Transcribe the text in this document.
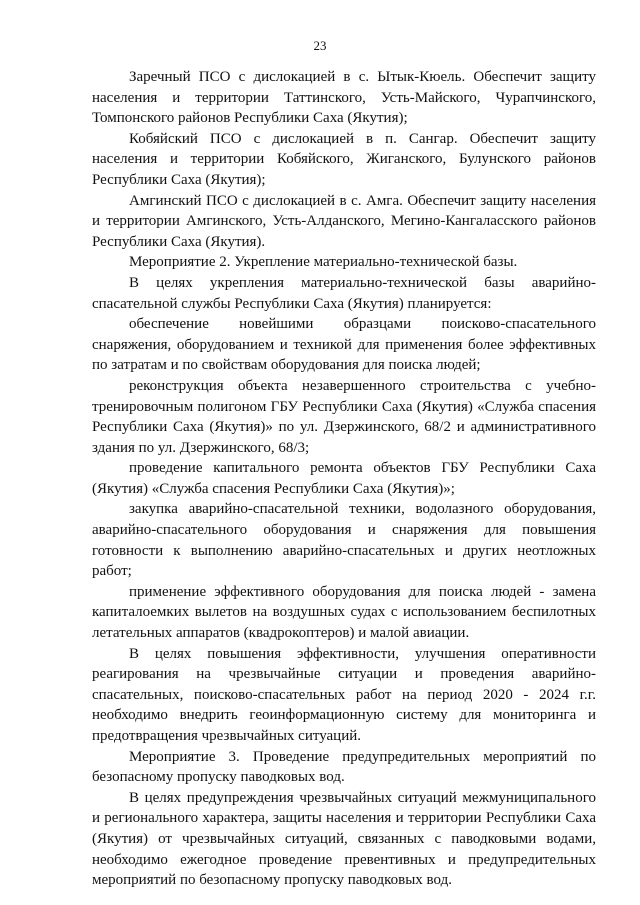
23

Заречный ПСО с дислокацией в с. Ытык-Кюель. Обеспечит защиту населения и территории Таттинского, Усть-Майского, Чурапчинского, Томпонского районов Республики Саха (Якутия);

Кобяйский ПСО с дислокацией в п. Сангар. Обеспечит защиту населения и территории Кобяйского, Жиганского, Булунского районов Республики Саха (Якутия);

Амгинский ПСО с дислокацией в с. Амга. Обеспечит защиту населения и территории Амгинского, Усть-Алданского, Мегино-Кангаласского районов Республики Саха (Якутия).

Мероприятие 2. Укрепление материально-технической базы.

В целях укрепления материально-технической базы аварийно-спасательной службы Республики Саха (Якутия) планируется:

обеспечение новейшими образцами поисково-спасательного снаряжения, оборудованием и техникой для применения более эффективных по затратам и по свойствам оборудования для поиска людей;

реконструкция объекта незавершенного строительства с учебно-тренировочным полигоном ГБУ Республики Саха (Якутия) «Служба спасения Республики Саха (Якутия)» по ул. Дзержинского, 68/2 и административного здания по ул. Дзержинского, 68/3;

проведение капитального ремонта объектов ГБУ Республики Саха (Якутия) «Служба спасения Республики Саха (Якутия)»;

закупка аварийно-спасательной техники, водолазного оборудования, аварийно-спасательного оборудования и снаряжения для повышения готовности к выполнению аварийно-спасательных и других неотложных работ;

применение эффективного оборудования для поиска людей - замена капиталоемких вылетов на воздушных судах с использованием беспилотных летательных аппаратов (квадрокоптеров) и малой авиации.

В целях повышения эффективности, улучшения оперативности реагирования на чрезвычайные ситуации и проведения аварийно-спасательных, поисково-спасательных работ на период 2020 - 2024 г.г. необходимо внедрить геоинформационную систему для мониторинга и предотвращения чрезвычайных ситуаций.

Мероприятие 3. Проведение предупредительных мероприятий по безопасному пропуску паводковых вод.

В целях предупреждения чрезвычайных ситуаций межмуниципального и регионального характера, защиты населения и территории Республики Саха (Якутия) от чрезвычайных ситуаций, связанных с паводковыми водами, необходимо ежегодное проведение превентивных и предупредительных мероприятий по безопасному пропуску паводковых вод.
